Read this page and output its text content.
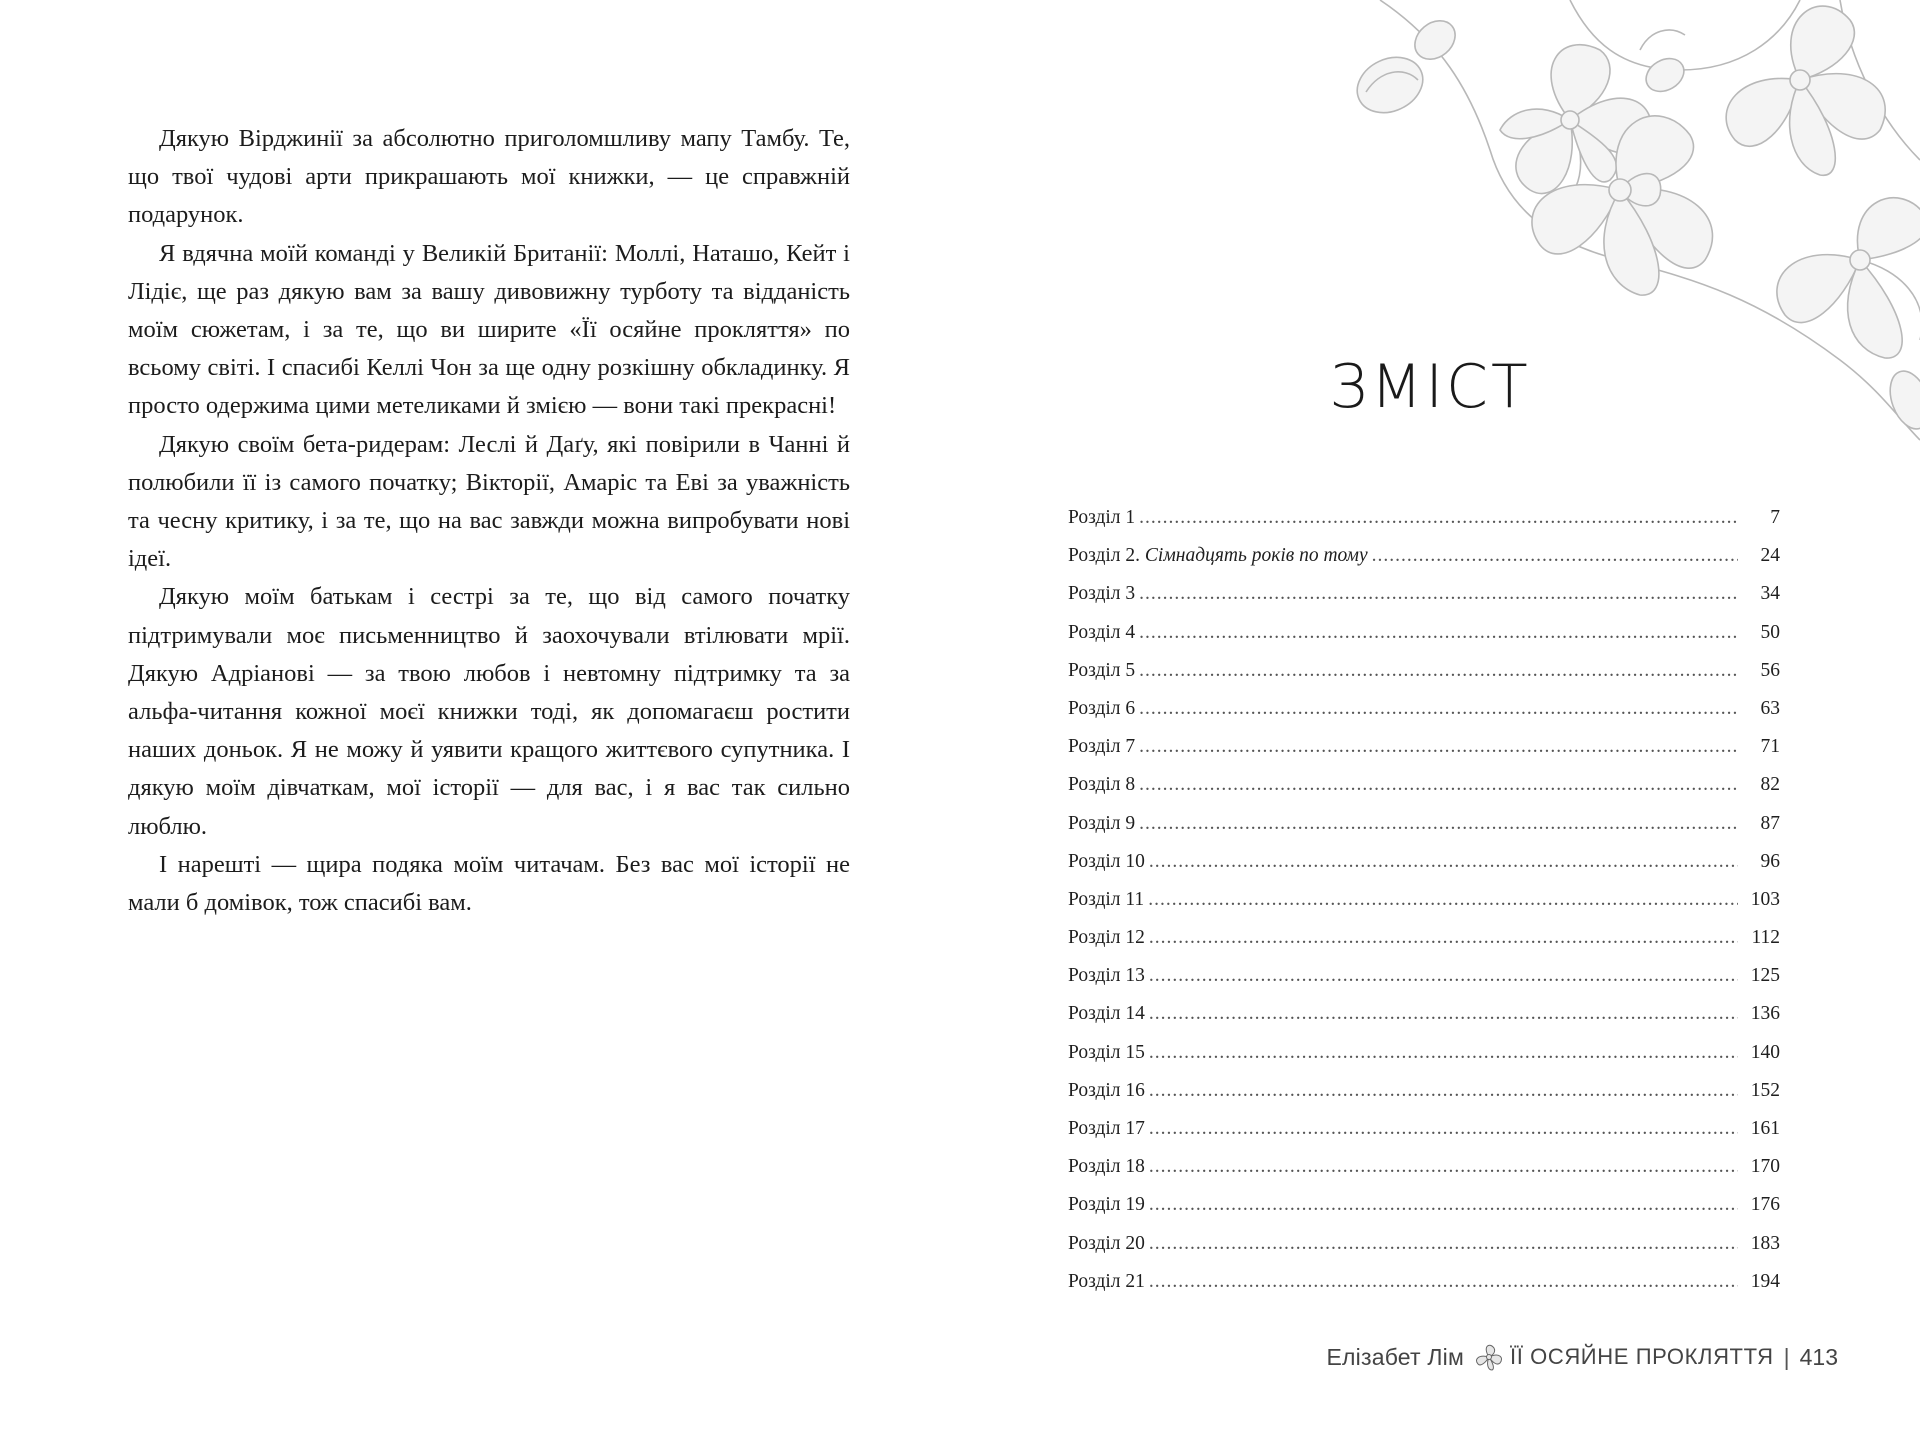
Дякую Вірджинії за абсолютно приголомшливу мапу Тамбу. Те, що твої чудові арти прикрашають мої книжки, — це справжній подарунок.

Я вдячна моїй команді у Великій Британії: Моллі, Наташо, Кейт і Лідіє, ще раз дякую вам за вашу дивовижну турботу та відданість моїм сюжетам, і за те, що ви ширите «Її осяйне прокляття» по всьому світі. І спасибі Келлі Чон за ще одну розкішну обкладинку. Я просто одержима цими метеликами й змією — вони такі прекрасні!

Дякую своїм бета-ридерам: Леслі й Даґу, які повірили в Чанні й полюбили її із самого початку; Вікторії, Амаріс та Еві за уважність та чесну критику, і за те, що на вас завжди можна випробувати нові ідеї.

Дякую моїм батькам і сестрі за те, що від самого початку підтримували моє письменництво й заохочували втілювати мрії. Дякую Адріанові — за твою любов і невтомну підтримку та за альфа-читання кожної моєї книжки тоді, як допомагаєш ростити наших доньок. Я не можу й уявити кращого життєвого супутника. І дякую моїм дівчаткам, мої історії — для вас, і я вас так сильно люблю.

І нарешті — щира подяка моїм читачам. Без вас мої історії не мали б домівок, тож спасибі вам.

ЗМІСТ
Розділ 1 .....	7
Розділ 2. Сімнадцять років по тому .....	24
Розділ 3 .....	34
Розділ 4 .....	50
Розділ 5 .....	56
Розділ 6 .....	63
Розділ 7 .....	71
Розділ 8 .....	82
Розділ 9 .....	87
Розділ 10 .....	96
Розділ 11 .....	103
Розділ 12 .....	112
Розділ 13 .....	125
Розділ 14 .....	136
Розділ 15 .....	140
Розділ 16 .....	152
Розділ 17 .....	161
Розділ 18 .....	170
Розділ 19 .....	176
Розділ 20 .....	183
Розділ 21 .....	194
Елізабет Лім ЇЇ ОСЯЙНЕ ПРОКЛЯТТЯ | 413
